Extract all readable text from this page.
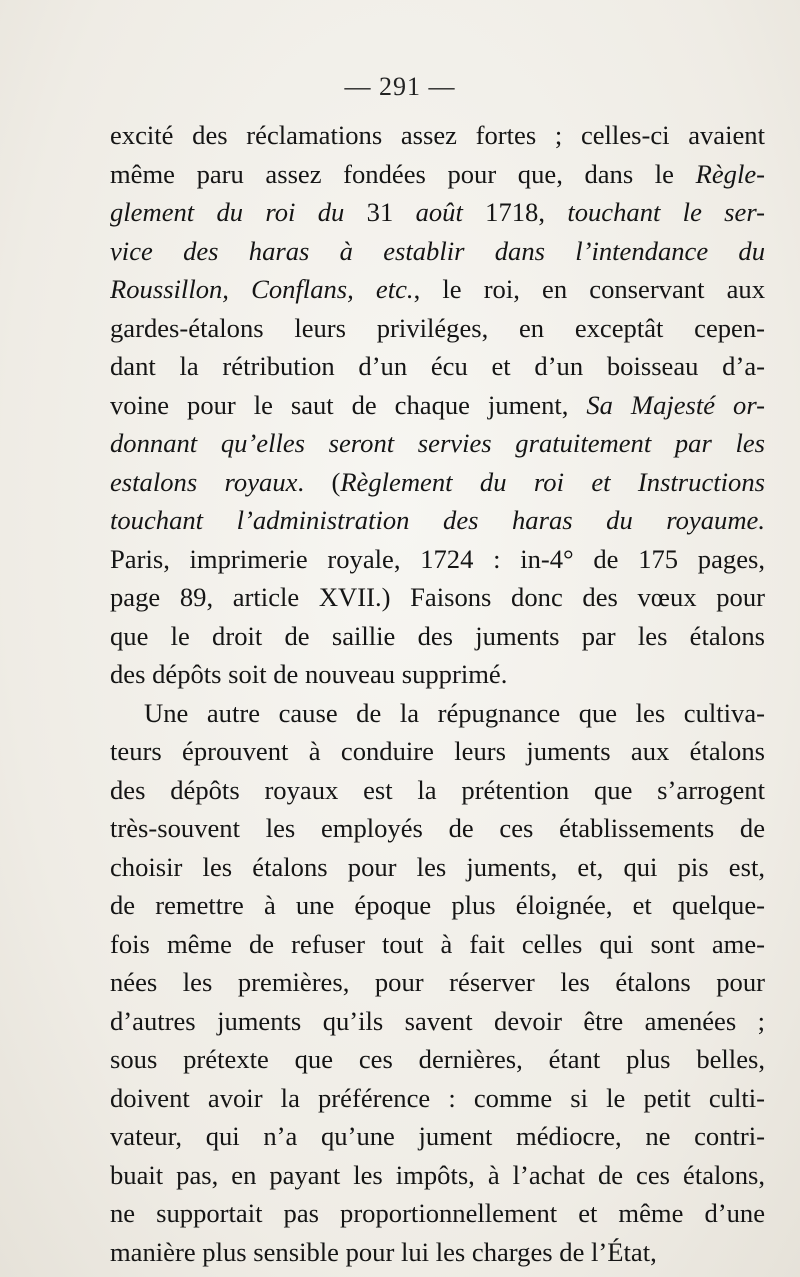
— 291 —
excité des réclamations assez fortes ; celles-ci avaient
même paru assez fondées pour que, dans le Règle-
glement du roi du 31 août 1718, touchant le ser-
vice des haras à establir dans l’intendance du
Roussillon, Conflans, etc., le roi, en conservant aux
gardes-étalons leurs priviléges, en exceptât cepen-
dant la rétribution d’un écu et d’un boisseau d’a-
voine pour le saut de chaque jument, Sa Majesté or-
donnant qu’elles seront servies gratuitement par les
estalons royaux. (Règlement du roi et Instructions
touchant l’administration des haras du royaume.
Paris, imprimerie royale, 1724 : in-4° de 175 pages,
page 89, article XVII.) Faisons donc des vœux pour
que le droit de saillie des juments par les étalons
des dépôts soit de nouveau supprimé.
Une autre cause de la répugnance que les cultiva-
teurs éprouvent à conduire leurs juments aux étalons
des dépôts royaux est la prétention que s’arrogent
très-souvent les employés de ces établissements de
choisir les étalons pour les juments, et, qui pis est,
de remettre à une époque plus éloignée, et quelque-
fois même de refuser tout à fait celles qui sont ame-
nées les premières, pour réserver les étalons pour
d’autres juments qu’ils savent devoir être amenées ;
sous prétexte que ces dernières, étant plus belles,
doivent avoir la préférence : comme si le petit culti-
vateur, qui n’a qu’une jument médiocre, ne contri-
buait pas, en payant les impôts, à l’achat de ces étalons,
ne supportait pas proportionnellement et même d’une
manière plus sensible pour lui les charges de l’État,
